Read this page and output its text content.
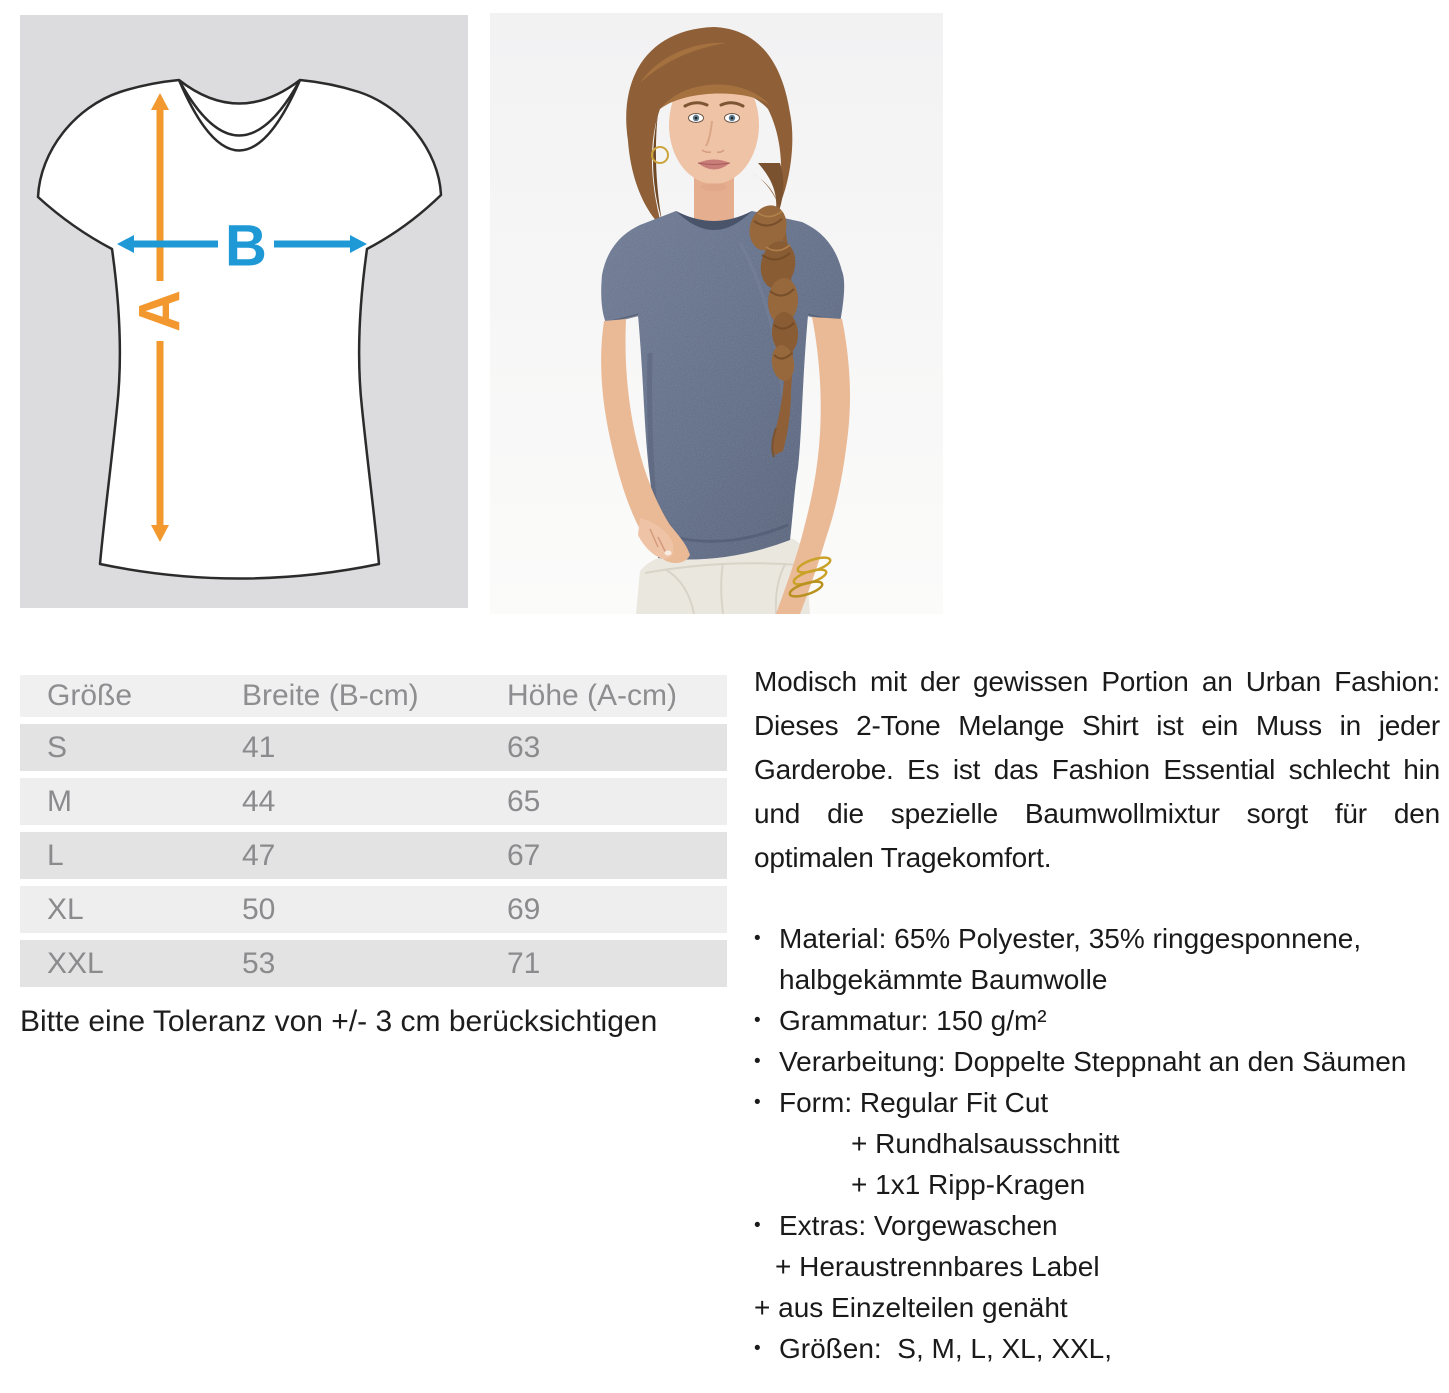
A
B
Größe	Breite (B-cm)	Höhe (A-cm)
S	41	63
M	44	65
L	47	67
XL	50	69
XXL	53	71

Bitte eine Toleranz von +/- 3 cm berücksichtigen

Modisch mit der gewissen Portion an Urban Fashion: Dieses 2-Tone Melange Shirt ist ein Muss in jeder Garderobe. Es ist das Fashion Essential schlecht hin und die spezielle Baumwollmixtur sorgt für den optimalen Tragekomfort.

• Material: 65% Polyester, 35% ringgesponnene, halbgekämmte Baumwolle
• Grammatur: 150 g/m²
• Verarbeitung: Doppelte Steppnaht an den Säumen
• Form: Regular Fit Cut
+ Rundhalsausschnitt
+ 1x1 Ripp-Kragen
• Extras: Vorgewaschen
+ Heraustrennbares Label
+ aus Einzelteilen genäht
• Größen:  S, M, L, XL, XXL,
